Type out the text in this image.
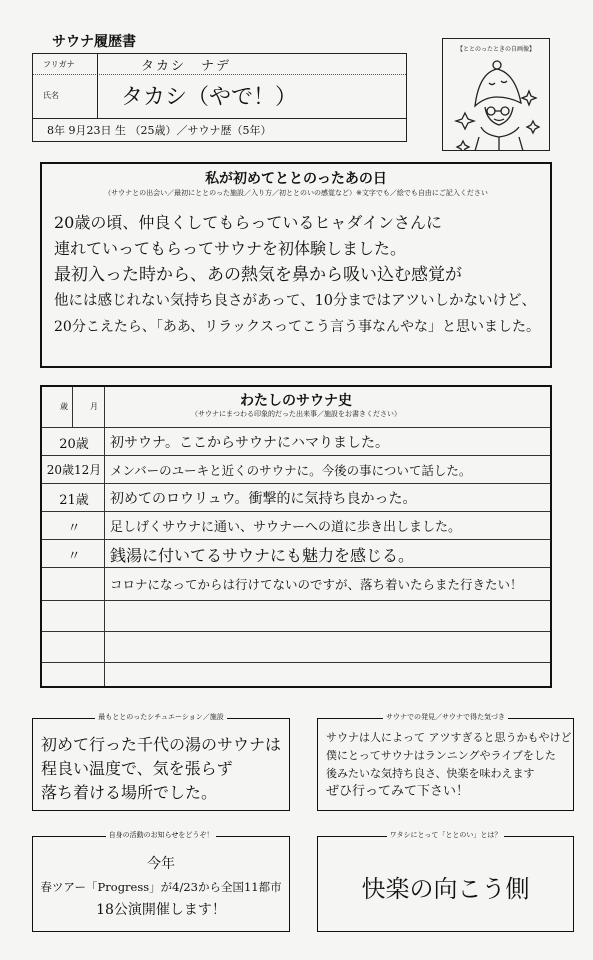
サウナ履歴書
フリガナ	タカシ　ナデ
氏名	タカシ（やで！）
8年 9月23日 生 （25歳）／サウナ歴（5年）
【ととのったときの自画像】
私が初めてととのったあの日
（サウナとの出会い／最初にととのった施設／入り方／初ととのいの感覚など）※文字でも／絵でも自由にご記入ください
20歳の頃、仲良くしてもらっているヒャダインさんに
連れていってもらってサウナを初体験しました。
最初入った時から、あの熱気を鼻から吸い込む感覚が
他には感じれない気持ち良さがあって、10分まではアツいしかないけど、
20分こえたら、「ああ、リラックスってこう言う事なんやな」と思いました。
わたしのサウナ史
（サウナにまつわる印象的だった出来事／施設をお書きください）
歳	月
20歳	初サウナ。ここからサウナにハマりました。
20歳12月 メンバーのユーキと近くのサウナに。今後の事について話した。
21歳	初めてのロウリュウ。衝撃的に気持ち良かった。
〃	足しげくサウナに通い、サウナーへの道に歩き出しました。
〃	銭湯に付いてるサウナにも魅力を感じる。
コロナになってからは行けてないのですが、落ち着いたらまた行きたい！
最もととのったシチュエーション／施設
初めて行った千代の湯のサウナは
程良い温度で、気を張らず
落ち着ける場所でした。
サウナでの発見／サウナで得た気づき
サウナは人によって アツすぎると思うかもやけど
僕にとってサウナはランニングやライブをした
後みたいな気持ち良さ、快楽を味わえます
ぜひ行ってみて下さい！
自身の活動のお知らせをどうぞ！
今年
春ツアー「Progress」が4/23から全国11都市
18公演開催します！
ワタシにとって「ととのい」とは？
快楽の向こう側
